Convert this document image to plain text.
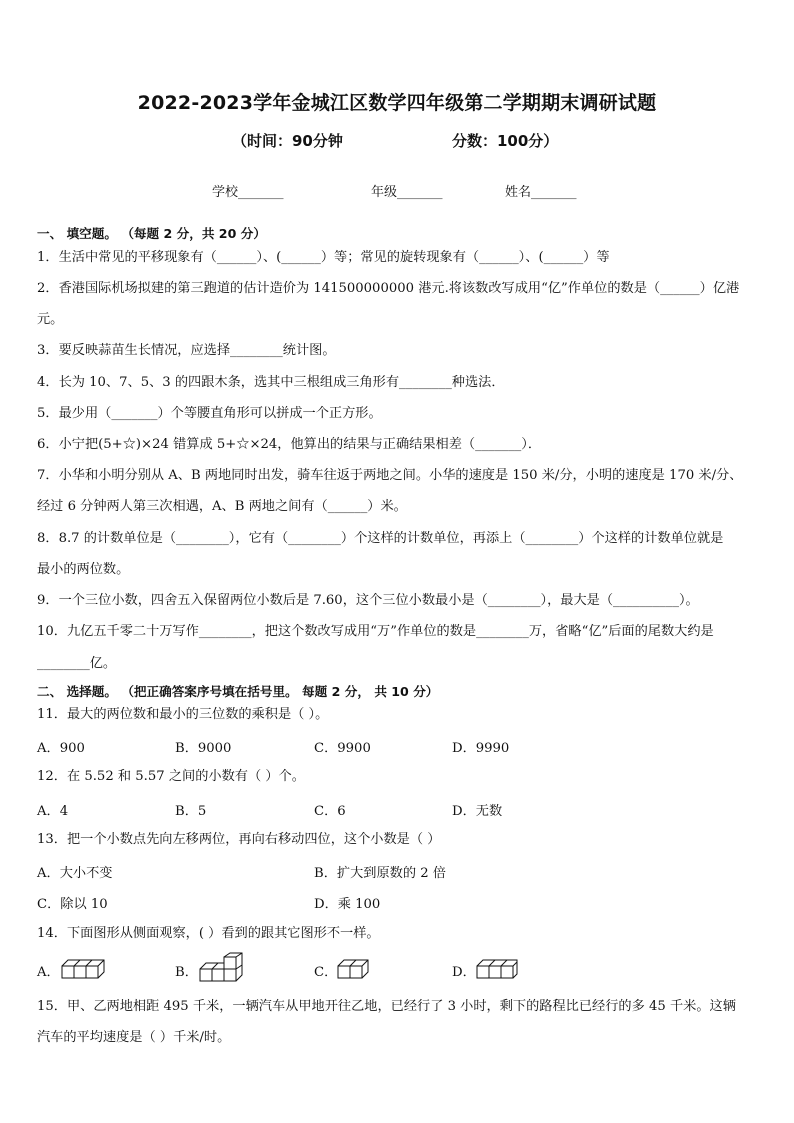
2022-2023学年金城江区数学四年级第二学期期末调研试题
（时间：90分钟	分数：100分）
学校_______	年级_______	姓名_______
一、 填空题。 （每题 2 分，共 20 分）
1．生活中常见的平移现象有（______）、(______）等；常见的旋转现象有（______）、(______）等
2．香港国际机场拟建的第三跑道的估计造价为 141500000000 港元.将该数改写成用“亿”作单位的数是（______）亿港
元。
3．要反映蒜苗生长情况，应选择________统计图。
4．长为 10、7、5、3 的四跟木条，选其中三根组成三角形有________种选法．
5．最少用（_______）个等腰直角形可以拼成一个正方形。
6．小宁把(5+☆)×24 错算成 5+☆×24，他算出的结果与正确结果相差（_______）．
7．小华和小明分别从 A、B 两地同时出发，骑车往返于两地之间。小华的速度是 150 米/分，小明的速度是 170 米/分、
经过 6 分钟两人第三次相遇，A、B 两地之间有（______）米。
8．8.7 的计数单位是（________），它有（________）个这样的计数单位，再添上（________）个这样的计数单位就是
最小的两位数。
9．一个三位小数，四舍五入保留两位小数后是 7.60，这个三位小数最小是（________），最大是（__________）。
10．九亿五千零二十万写作________，把这个数改写成用“万”作单位的数是________万，省略“亿”后面的尾数大约是
________亿。
二、 选择题。 （把正确答案序号填在括号里。 每题 2 分， 共 10 分）
11．最大的两位数和最小的三位数的乘积是（ ）。
A．900	B．9000	C．9900	D．9990
12．在 5.52 和 5.57 之间的小数有（ ）个。
A．4	B．5	C．6	D．无数
13．把一个小数点先向左移两位，再向右移动四位，这个小数是（ ）
A．大小不变	B．扩大到原数的 2 倍
C．除以 10	D．乘 100
14．下面图形从侧面观察，( ）看到的跟其它图形不一样。
A．	B．	C．	D．
15．甲、乙两地相距 495 千米，一辆汽车从甲地开往乙地，已经行了 3 小时，剩下的路程比已经行的多 45 千米。这辆
汽车的平均速度是（ ）千米/时。
